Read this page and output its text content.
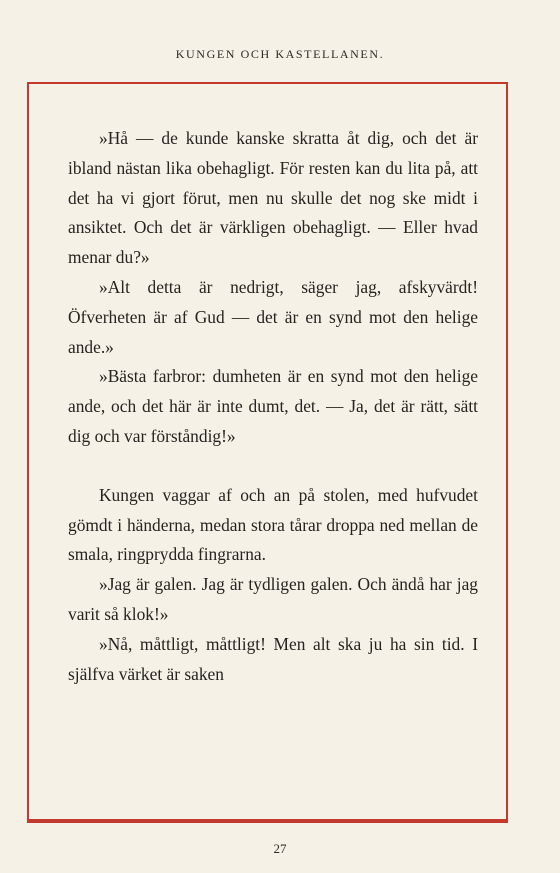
KUNGEN OCH KASTELLANEN.

»Hå — de kunde kanske skratta åt dig, och det är ibland nästan lika obehagligt. För resten kan du lita på, att det ha vi gjort förut, men nu skulle det nog ske midt i ansiktet. Och det är värkligen obehagligt. — Eller hvad menar du?»

»Alt detta är nedrigt, säger jag, afskyvärdt! Öfverheten är af Gud — det är en synd mot den helige ande.»

»Bästa farbror: dumheten är en synd mot den helige ande, och det här är inte dumt, det. — Ja, det är rätt, sätt dig och var förståndig!»

Kungen vaggar af och an på stolen, med hufvudet gömdt i händerna, medan stora tårar droppa ned mellan de smala, ringprydda fingrarna.

»Jag är galen. Jag är tydligen galen. Och ändå har jag varit så klok!»

»Nå, måttligt, måttligt! Men alt ska ju ha sin tid. I själfva värket är saken

27
